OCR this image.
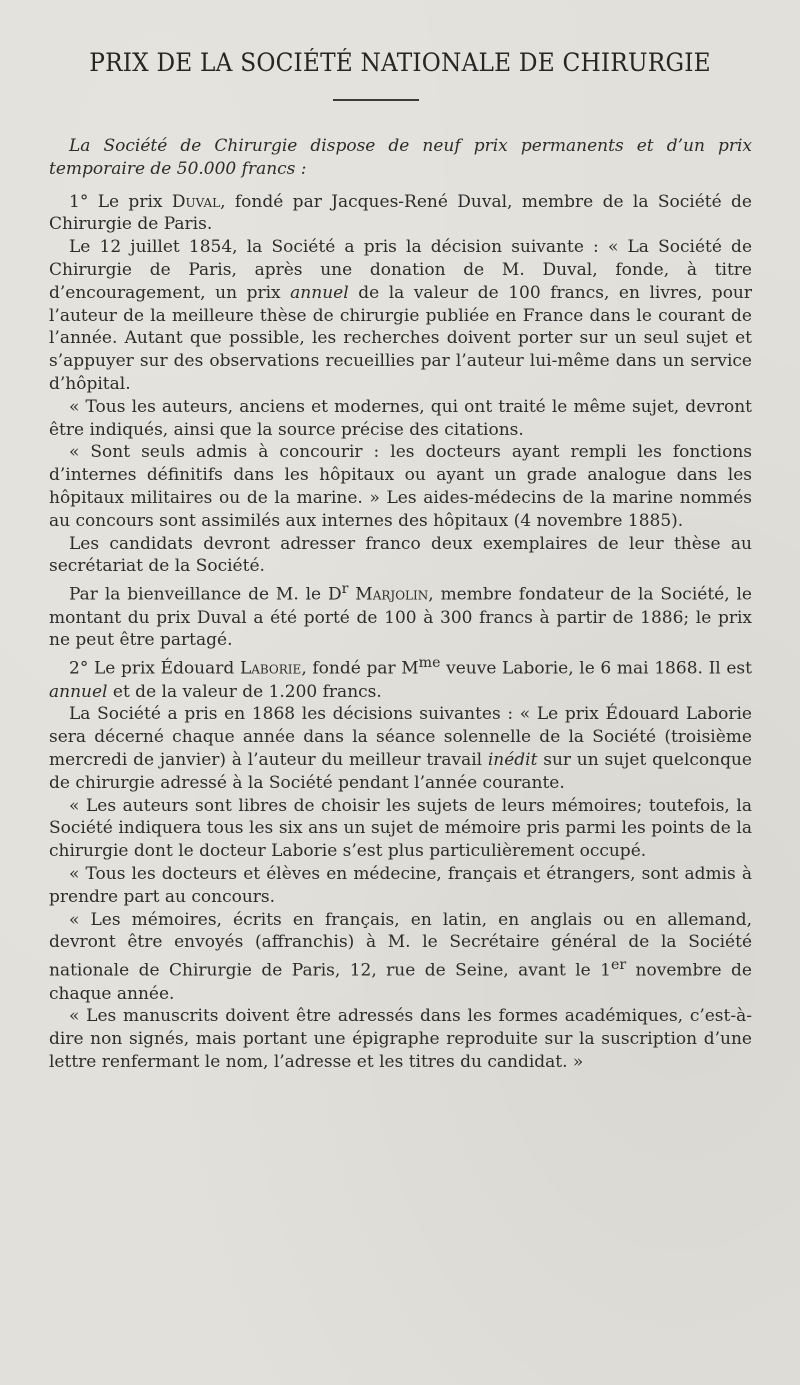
PRIX DE LA SOCIÉTÉ NATIONALE DE CHIRURGIE

La Société de Chirurgie dispose de neuf prix permanents et d’un prix temporaire de 50.000 francs :

1° Le prix Duval, fondé par Jacques-René Duval, membre de la Société de Chirurgie de Paris.

Le 12 juillet 1854, la Société a pris la décision suivante : « La Société de Chirurgie de Paris, après une donation de M. Duval, fonde, à titre d’encouragement, un prix annuel de la valeur de 100 francs, en livres, pour l’auteur de la meilleure thèse de chirurgie publiée en France dans le courant de l’année. Autant que possible, les recherches doivent porter sur un seul sujet et s’appuyer sur des observations recueillies par l’auteur lui-même dans un service d’hôpital.

« Tous les auteurs, anciens et modernes, qui ont traité le même sujet, devront être indiqués, ainsi que la source précise des citations.

« Sont seuls admis à concourir : les docteurs ayant rempli les fonctions d’internes définitifs dans les hôpitaux ou ayant un grade analogue dans les hôpitaux militaires ou de la marine. » Les aides-médecins de la marine nommés au concours sont assimilés aux internes des hôpitaux (4 novembre 1885).

Les candidats devront adresser franco deux exemplaires de leur thèse au secrétariat de la Société.

Par la bienveillance de M. le $D^r$ Marjolin, membre fondateur de la Société, le montant du prix Duval a été porté de 100 à 300 francs à partir de 1886; le prix ne peut être partagé.

2° Le prix Édouard Laborie, fondé par $M^{me}$ veuve Laborie, le 6 mai 1868. Il est annuel et de la valeur de 1.200 francs.

La Société a pris en 1868 les décisions suivantes : « Le prix Édouard Laborie sera décerné chaque année dans la séance solennelle de la Société (troisième mercredi de janvier) à l’auteur du meilleur travail inédit sur un sujet quelconque de chirurgie adressé à la Société pendant l’année courante.

« Les auteurs sont libres de choisir les sujets de leurs mémoires; toutefois, la Société indiquera tous les six ans un sujet de mémoire pris parmi les points de la chirurgie dont le docteur Laborie s’est plus particulièrement occupé.

« Tous les docteurs et élèves en médecine, français et étrangers, sont admis à prendre part au concours.

« Les mémoires, écrits en français, en latin, en anglais ou en allemand, devront être envoyés (affranchis) à M. le Secrétaire général de la Société nationale de Chirurgie de Paris, 12, rue de Seine, avant le 1er novembre de chaque année.

« Les manuscrits doivent être adressés dans les formes académiques, c’est-à-dire non signés, mais portant une épigraphe reproduite sur la suscription d’une lettre renfermant le nom, l’adresse et les titres du candidat. »
